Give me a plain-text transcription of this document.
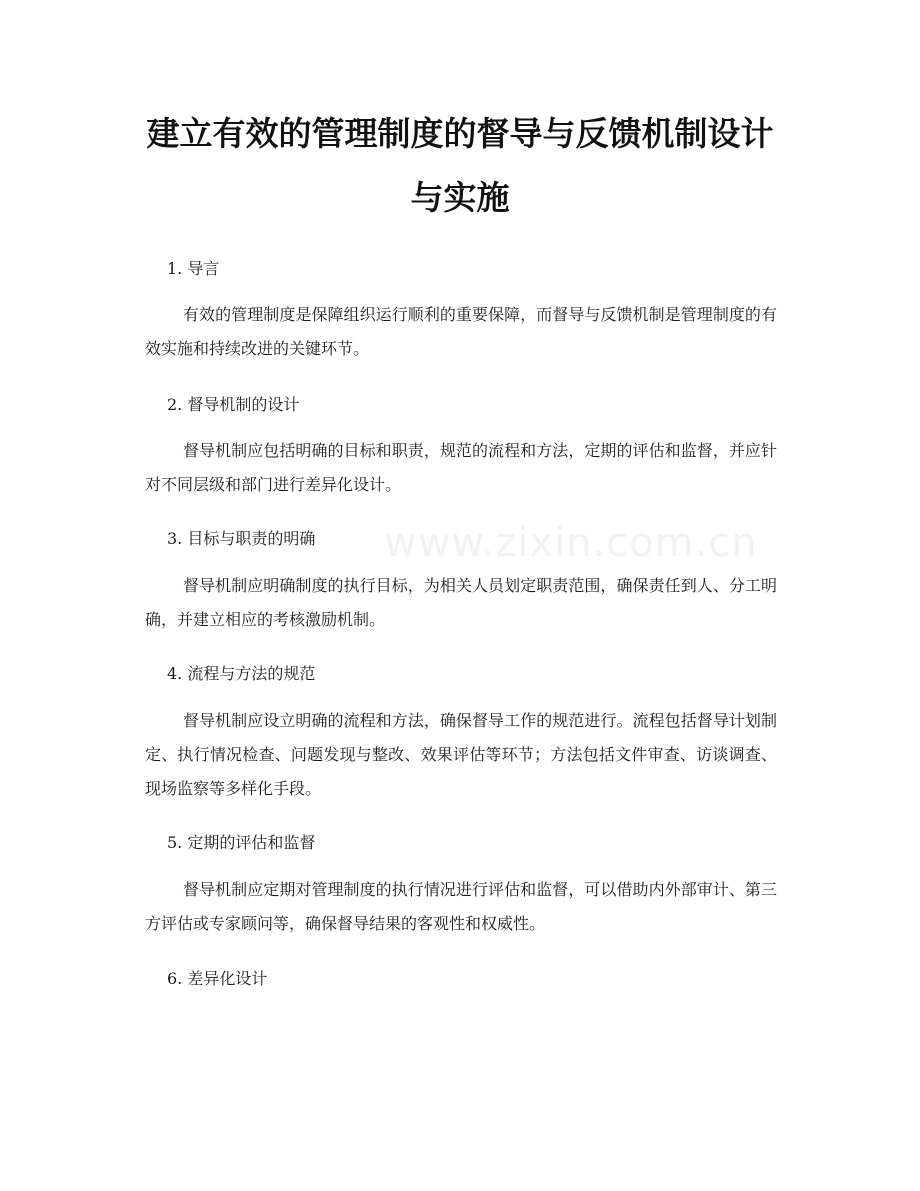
www.zixin.com.cn
建立有效的管理制度的督导与反馈机制设计
与实施
1. 导言

有效的管理制度是保障组织运行顺利的重要保障，而督导与反馈机制是管理制度的有效实施和持续改进的关键环节。

2. 督导机制的设计

督导机制应包括明确的目标和职责，规范的流程和方法，定期的评估和监督，并应针对不同层级和部门进行差异化设计。

3. 目标与职责的明确

督导机制应明确制度的执行目标，为相关人员划定职责范围，确保责任到人、分工明确，并建立相应的考核激励机制。

4. 流程与方法的规范

督导机制应设立明确的流程和方法，确保督导工作的规范进行。流程包括督导计划制定、执行情况检查、问题发现与整改、效果评估等环节；方法包括文件审查、访谈调查、现场监察等多样化手段。

5. 定期的评估和监督

督导机制应定期对管理制度的执行情况进行评估和监督，可以借助内外部审计、第三方评估或专家顾问等，确保督导结果的客观性和权威性。

6. 差异化设计
